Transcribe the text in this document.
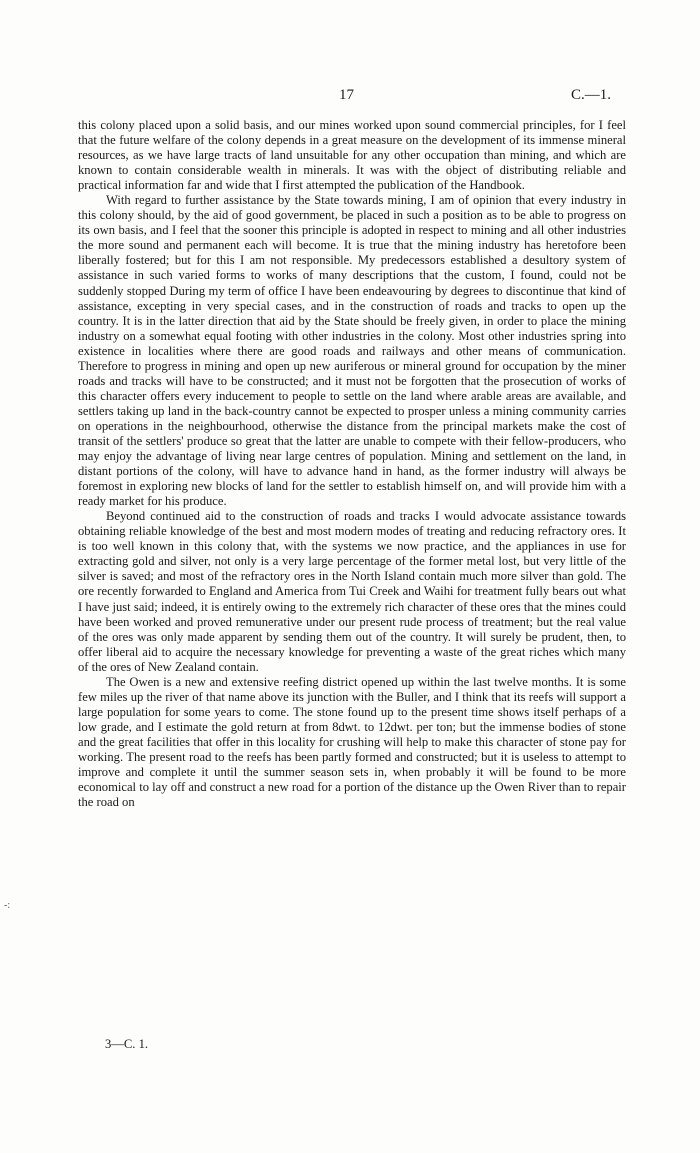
17	C.—1.

this colony placed upon a solid basis, and our mines worked upon sound commercial principles, for I feel that the future welfare of the colony depends in a great measure on the development of its immense mineral resources, as we have large tracts of land unsuitable for any other occupation than mining, and which are known to contain considerable wealth in minerals. It was with the object of distributing reliable and practical information far and wide that I first attempted the publication of the Handbook.

With regard to further assistance by the State towards mining, I am of opinion that every industry in this colony should, by the aid of good government, be placed in such a position as to be able to progress on its own basis, and I feel that the sooner this principle is adopted in respect to mining and all other industries the more sound and permanent each will become. It is true that the mining industry has heretofore been liberally fostered; but for this I am not responsible. My predecessors established a desultory system of assistance in such varied forms to works of many descriptions that the custom, I found, could not be suddenly stopped During my term of office I have been endeavouring by degrees to discontinue that kind of assistance, excepting in very special cases, and in the construction of roads and tracks to open up the country. It is in the latter direction that aid by the State should be freely given, in order to place the mining industry on a somewhat equal footing with other industries in the colony. Most other industries spring into existence in localities where there are good roads and railways and other means of communication. Therefore to progress in mining and open up new auriferous or mineral ground for occupation by the miner roads and tracks will have to be constructed; and it must not be forgotten that the prosecution of works of this character offers every inducement to people to settle on the land where arable areas are available, and settlers taking up land in the back-country cannot be expected to prosper unless a mining community carries on operations in the neighbourhood, otherwise the distance from the principal markets make the cost of transit of the settlers' produce so great that the latter are unable to compete with their fellow-producers, who may enjoy the advantage of living near large centres of population. Mining and settlement on the land, in distant portions of the colony, will have to advance hand in hand, as the former industry will always be foremost in exploring new blocks of land for the settler to establish himself on, and will provide him with a ready market for his produce.

Beyond continued aid to the construction of roads and tracks I would advocate assistance towards obtaining reliable knowledge of the best and most modern modes of treating and reducing refractory ores. It is too well known in this colony that, with the systems we now practice, and the appliances in use for extracting gold and silver, not only is a very large percentage of the former metal lost, but very little of the silver is saved; and most of the refractory ores in the North Island contain much more silver than gold. The ore recently forwarded to England and America from Tui Creek and Waihi for treatment fully bears out what I have just said; indeed, it is entirely owing to the extremely rich character of these ores that the mines could have been worked and proved remunerative under our present rude process of treatment; but the real value of the ores was only made apparent by sending them out of the country. It will surely be prudent, then, to offer liberal aid to acquire the necessary knowledge for preventing a waste of the great riches which many of the ores of New Zealand contain.

The Owen is a new and extensive reefing district opened up within the last twelve months. It is some few miles up the river of that name above its junction with the Buller, and I think that its reefs will support a large population for some years to come. The stone found up to the present time shows itself perhaps of a low grade, and I estimate the gold return at from 8dwt. to 12dwt. per ton; but the immense bodies of stone and the great facilities that offer in this locality for crushing will help to make this character of stone pay for working. The present road to the reefs has been partly formed and constructed; but it is useless to attempt to improve and complete it until the summer season sets in, when probably it will be found to be more economical to lay off and construct a new road for a portion of the distance up the Owen River than to repair the road on

-:
3—C. 1.
